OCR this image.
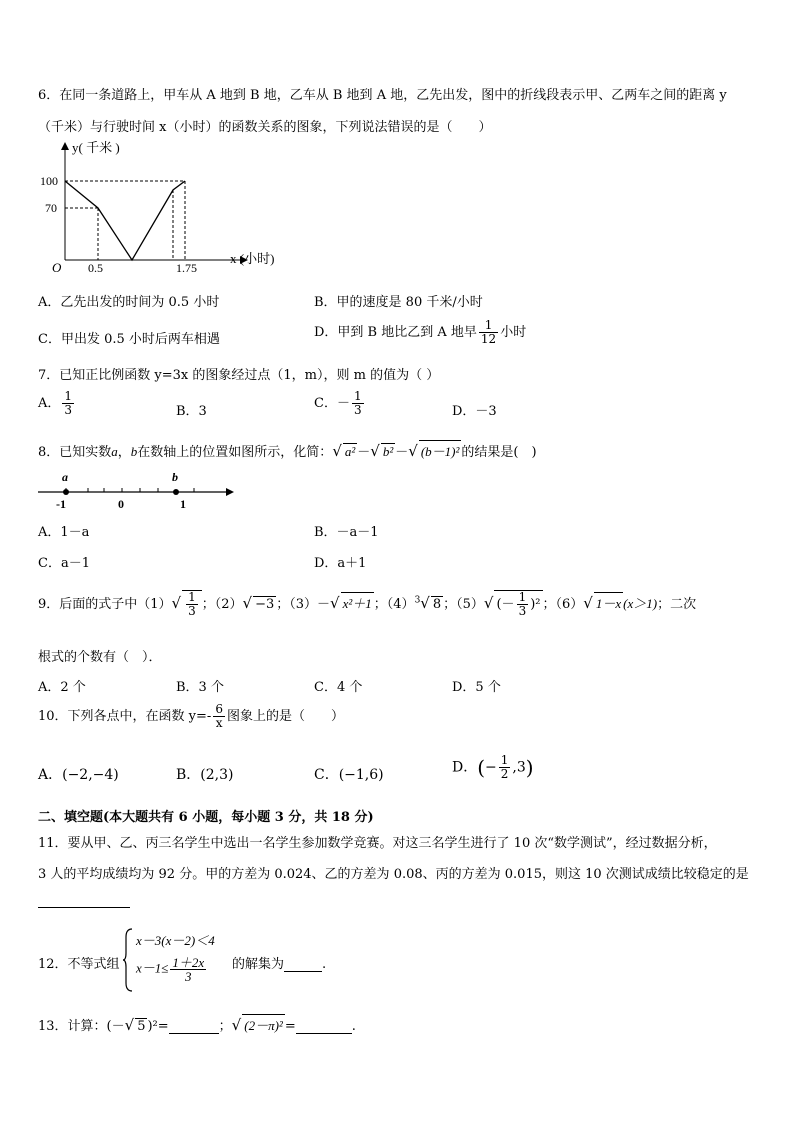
6．在同一条道路上，甲车从 A 地到 B 地，乙车从 B 地到 A 地，乙先出发，图中的折线段表示甲、乙两车之间的距离 y
（千米）与行驶时间 x（小时）的函数关系的图象，下列说法错误的是（　　）
y( 千米 )
100
70
O 0.5	1.75
x (小时)
A．乙先出发的时间为 0.5 小时	B．甲的速度是 80 千米/小时
C．甲出发 0.5 小时后两车相遇	D．甲到 B 地比乙到 A 地早 $\frac{1}{12}$ 小时
7．已知正比例函数 y=3x 的图象经过点（1，m），则 m 的值为（ ）
A． $\frac{1}{3}$	B．3
C．－ $\frac{1}{3}$	D．－3
8．已知实数a，b在数轴上的位置如图所示，化简：√ a² －√ b² －√ (b－1)² 的结果是(　)
a	b
-1	0	1
A．1－a	B．－a－1
C．a－1	D．a＋1
9．后面的式子中$(1)√ \frac{1}{3}$ ；（2）√ −3 ；（3）－√ x²＋1 ；$(4)^3√$ 8 ；（5）√ (－ $\frac{1}{3} )^2$ ；（6）√ 1－x (x＞1)；二次
根式的个数有（　）．
A．2 个	B．3 个	C．4 个	D．5 个
10．下列各点中，在函数 $y=- \frac{6}{x}$ 图象上的是（　　）
A．(−2,−4)	B．(2,3)	C．(−1,6)	D．(− $\frac{1}{2} ,3$)
二、填空题(本大题共有 6 小题，每小题 3 分，共 18 分)
11．要从甲、乙、丙三名学生中选出一名学生参加数学竞赛。对这三名学生进行了 10 次“数学测试”，经过数据分析，
3 人的平均成绩均为 92 分。甲的方差为 0.024、乙的方差为 0.08、丙的方差为 0.015，则这 10 次测试成绩比较稳定的是
12．不等式组
x－3(x－2)＜4
$x-1\le \frac{1+2x}{3}$ 的解集为	.
13．计算：(－√ 5 )²=	；√ (2－π)² =	.
